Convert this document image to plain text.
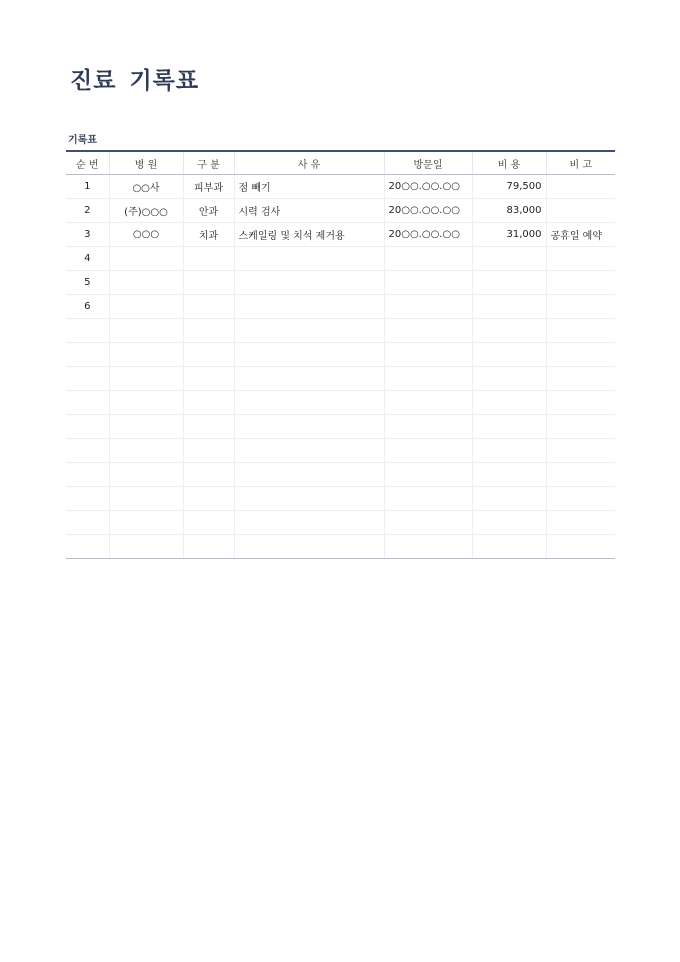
진료 기록표
기록표
순 번	병 원	구 분	사 유	방문일	비 용	비 고
1	○○사	피부과	점 빼기	20○○.○○.○○	79,500	
2	(주)○○○	안과	시력 검사	20○○.○○.○○	83,000	
3	○○○	치과	스케일링 및 치석 제거용	20○○.○○.○○	31,000	공휴일 예약
4						
5						
6						
